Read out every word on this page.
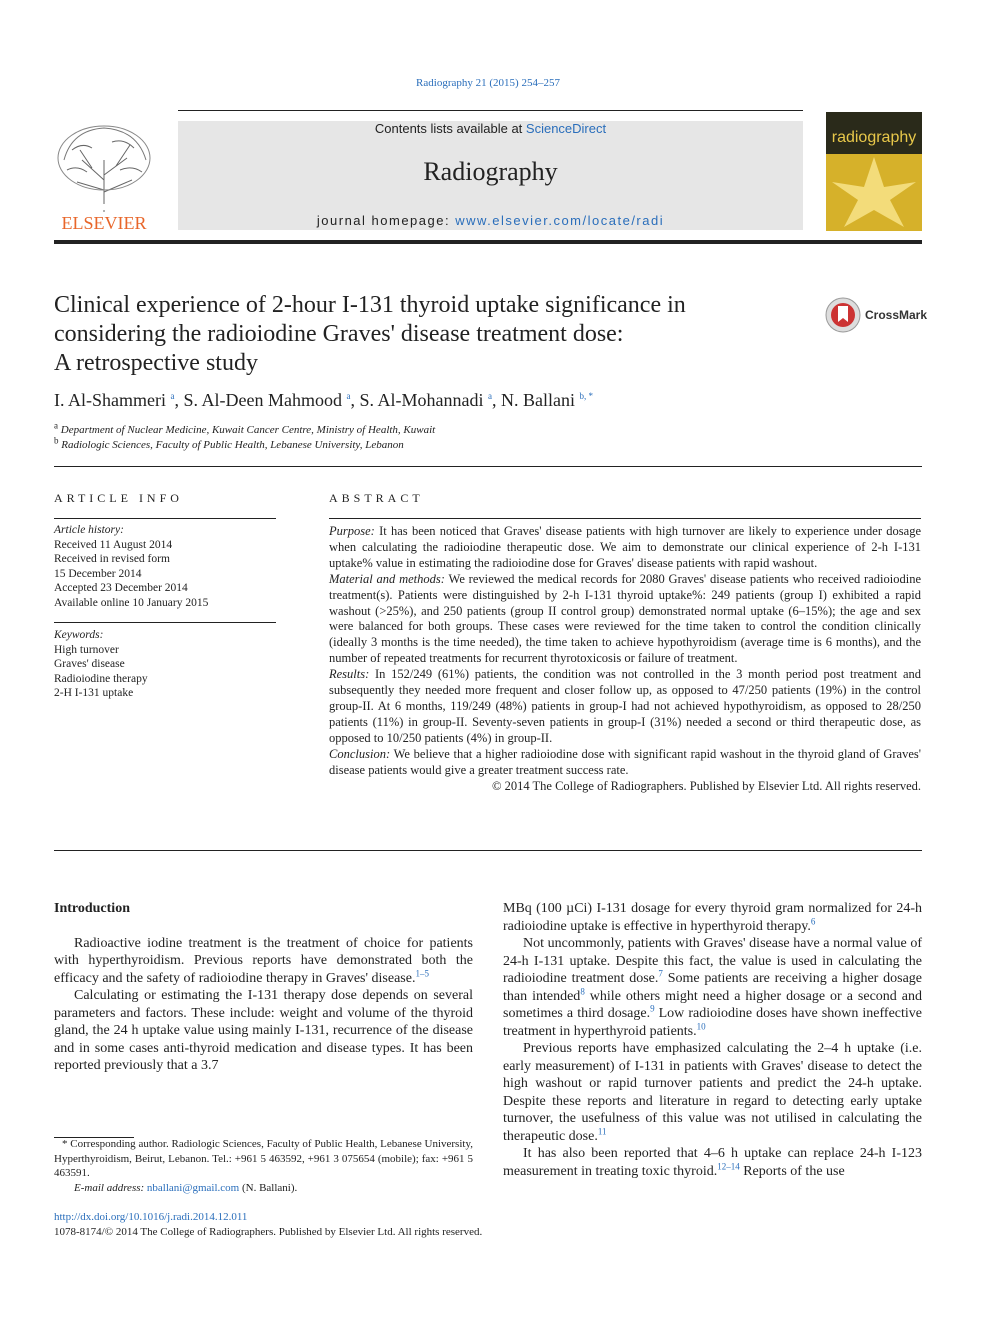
Radiography 21 (2015) 254–257
ELSEVIER
Contents lists available at ScienceDirect
Radiography
journal homepage: www.elsevier.com/locate/radi
radiography
Clinical experience of 2-hour I-131 thyroid uptake significance in
considering the radioiodine Graves' disease treatment dose:
A retrospective study
CrossMark
I. Al-Shammeri $^a$, S. Al-Deen Mahmood $^a$, S. Al-Mohannadi $^a$, N. Ballani $^{b, *}$
$^a$ Department of Nuclear Medicine, Kuwait Cancer Centre, Ministry of Health, Kuwait
$^b$ Radiologic Sciences, Faculty of Public Health, Lebanese University, Lebanon
ARTICLE INFO
Article history:
Received 11 August 2014
Received in revised form
15 December 2014
Accepted 23 December 2014
Available online 10 January 2015
Keywords:
High turnover
Graves' disease
Radioiodine therapy
2-H I-131 uptake
ABSTRACT
Purpose: It has been noticed that Graves' disease patients with high turnover are likely to experience under dosage when calculating the radioiodine therapeutic dose. We aim to demonstrate our clinical experience of 2-h I-131 uptake% value in estimating the radioiodine dose for Graves' disease patients with rapid washout.
Material and methods: We reviewed the medical records for 2080 Graves' disease patients who received radioiodine treatment(s). Patients were distinguished by 2-h I-131 thyroid uptake%: 249 patients (group I) exhibited a rapid washout (>25%), and 250 patients (group II control group) demonstrated normal uptake (6–15%); the age and sex were balanced for both groups. These cases were reviewed for the time taken to control the condition clinically (ideally 3 months is the time needed), the time taken to achieve hypothyroidism (average time is 6 months), and the number of repeated treatments for recurrent thyrotoxicosis or failure of treatment.
Results: In 152/249 (61%) patients, the condition was not controlled in the 3 month period post treatment and subsequently they needed more frequent and closer follow up, as opposed to 47/250 patients (19%) in the control group-II. At 6 months, 119/249 (48%) patients in group-I had not achieved hypothyroidism, as opposed to 28/250 patients (11%) in group-II. Seventy-seven patients in group-I (31%) needed a second or third therapeutic dose, as opposed to 10/250 patients (4%) in group-II.
Conclusion: We believe that a higher radioiodine dose with significant rapid washout in the thyroid gland of Graves' disease patients would give a greater treatment success rate.
© 2014 The College of Radiographers. Published by Elsevier Ltd. All rights reserved.
Introduction

Radioactive iodine treatment is the treatment of choice for patients with hyperthyroidism. Previous reports have demonstrated both the efficacy and the safety of radioiodine therapy in Graves' disease.$^{1-5}$

Calculating or estimating the I-131 therapy dose depends on several parameters and factors. These include: weight and volume of the thyroid gland, the 24 h uptake value using mainly I-131, recurrence of the disease and in some cases anti-thyroid medication and disease types. It has been reported previously that a 3.7

* Corresponding author. Radiologic Sciences, Faculty of Public Health, Lebanese University, Hyperthyroidism, Beirut, Lebanon. Tel.: +961 5 463592, +961 3 075654 (mobile); fax: +961 5 463591.
E-mail address: nballani@gmail.com (N. Ballani).

MBq (100 µCi) I-131 dosage for every thyroid gram normalized for 24-h radioiodine uptake is effective in hyperthyroid therapy.$^6$

Not uncommonly, patients with Graves' disease have a normal value of 24-h I-131 uptake. Despite this fact, the value is used in calculating the radioiodine treatment dose.$^7$ Some patients are receiving a higher dosage than intended$^8$ while others might need a higher dosage or a second and sometimes a third dosage.$^9$ Low radioiodine doses have shown ineffective treatment in hyperthyroid patients.$^{10}$

Previous reports have emphasized calculating the 2–4 h uptake (i.e. early measurement) of I-131 in patients with Graves' disease to detect the high washout or rapid turnover patients and predict the 24-h uptake. Despite these reports and literature in regard to detecting early uptake turnover, the usefulness of this value was not utilised in calculating the therapeutic dose.$^{11}$

It has also been reported that 4–6 h uptake can replace 24-h I-123 measurement in treating toxic thyroid.$^{12-14}$ Reports of the use

http://dx.doi.org/10.1016/j.radi.2014.12.011
1078-8174/© 2014 The College of Radiographers. Published by Elsevier Ltd. All rights reserved.
